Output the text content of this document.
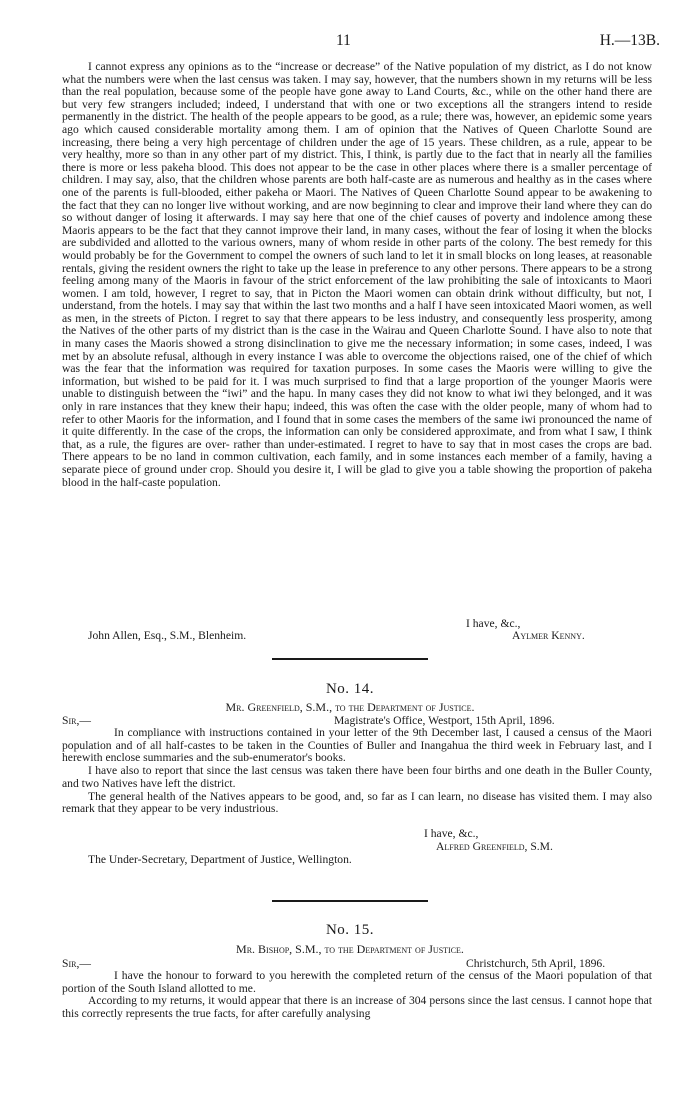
11	H.—13B.

I cannot express any opinions as to the “increase or decrease” of the Native population of my district, as I do not know what the numbers were when the last census was taken. I may say, however, that the numbers shown in my returns will be less than the real population, because some of the people have gone away to Land Courts, &c., while on the other hand there are but very few strangers included; indeed, I understand that with one or two exceptions all the strangers intend to reside permanently in the district. The health of the people appears to be good, as a rule; there was, however, an epidemic some years ago which caused considerable mortality among them. I am of opinion that the Natives of Queen Charlotte Sound are increasing, there being a very high percentage of children under the age of 15 years. These children, as a rule, appear to be very healthy, more so than in any other part of my district. This, I think, is partly due to the fact that in nearly all the families there is more or less pakeha blood. This does not appear to be the case in other places where there is a smaller percentage of children. I may say, also, that the children whose parents are both half-caste are as numerous and healthy as in the cases where one of the parents is full-blooded, either pakeha or Maori. The Natives of Queen Charlotte Sound appear to be awakening to the fact that they can no longer live without working, and are now beginning to clear and improve their land where they can do so without danger of losing it afterwards. I may say here that one of the chief causes of poverty and indolence among these Maoris appears to be the fact that they cannot improve their land, in many cases, without the fear of losing it when the blocks are subdivided and allotted to the various owners, many of whom reside in other parts of the colony. The best remedy for this would probably be for the Government to compel the owners of such land to let it in small blocks on long leases, at reasonable rentals, giving the resident owners the right to take up the lease in preference to any other persons. There appears to be a strong feeling among many of the Maoris in favour of the strict enforcement of the law prohibiting the sale of intoxicants to Maori women. I am told, however, I regret to say, that in Picton the Maori women can obtain drink without difficulty, but not, I understand, from the hotels. I may say that within the last two months and a half I have seen intoxicated Maori women, as well as men, in the streets of Picton. I regret to say that there appears to be less industry, and consequently less prosperity, among the Natives of the other parts of my district than is the case in the Wairau and Queen Charlotte Sound. I have also to note that in many cases the Maoris showed a strong disinclination to give me the necessary information; in some cases, indeed, I was met by an absolute refusal, although in every instance I was able to overcome the objections raised, one of the chief of which was the fear that the information was required for taxation purposes. In some cases the Maoris were willing to give the information, but wished to be paid for it. I was much surprised to find that a large proportion of the younger Maoris were unable to distinguish between the “iwi” and the hapu. In many cases they did not know to what iwi they belonged, and it was only in rare instances that they knew their hapu; indeed, this was often the case with the older people, many of whom had to refer to other Maoris for the information, and I found that in some cases the members of the same iwi pronounced the name of it quite differently. In the case of the crops, the information can only be considered approximate, and from what I saw, I think that, as a rule, the figures are over- rather than under-estimated. I regret to have to say that in most cases the crops are bad. There appears to be no land in common cultivation, each family, and in some instances each member of a family, having a separate piece of ground under crop. Should you desire it, I will be glad to give you a table showing the proportion of pakeha blood in the half-caste population.

I have, &c.,
John Allen, Esq., S.M., Blenheim.	Aylmer Kenny.
No. 14.
Mr. Greenfield, S.M., to the Department of Justice.
Sir,—	Magistrate's Office, Westport, 15th April, 1896.

In compliance with instructions contained in your letter of the 9th December last, I caused a census of the Maori population and of all half-castes to be taken in the Counties of Buller and Inangahua the third week in February last, and I herewith enclose summaries and the sub-enumerator's books.

I have also to report that since the last census was taken there have been four births and one death in the Buller County, and two Natives have left the district.

The general health of the Natives appears to be good, and, so far as I can learn, no disease has visited them. I may also remark that they appear to be very industrious.

I have, &c.,
Alfred Greenfield, S.M.
The Under-Secretary, Department of Justice, Wellington.
No. 15.
Mr. Bishop, S.M., to the Department of Justice.
Sir,—	Christchurch, 5th April, 1896.

I have the honour to forward to you herewith the completed return of the census of the Maori population of that portion of the South Island allotted to me.

According to my returns, it would appear that there is an increase of 304 persons since the last census. I cannot hope that this correctly represents the true facts, for after carefully analysing
